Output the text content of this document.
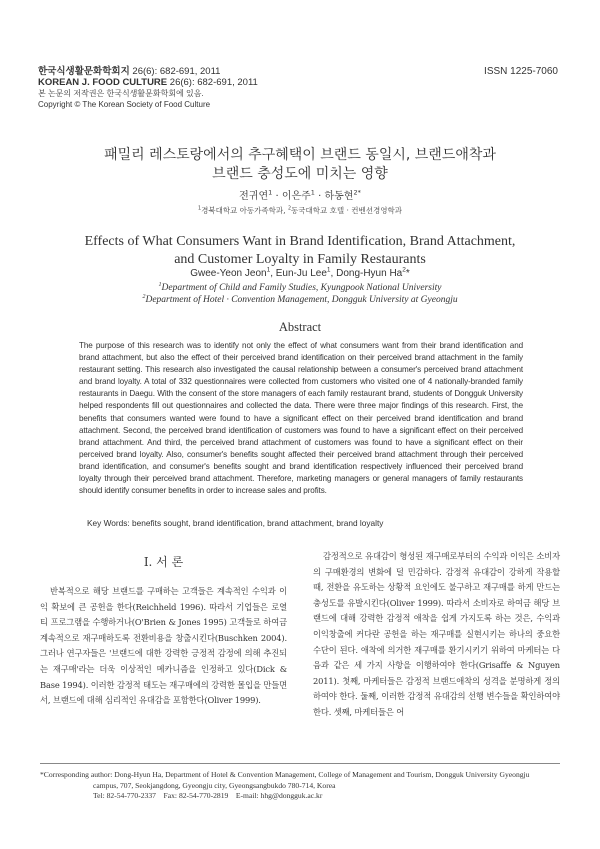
한국식생활문화학회지 26(6): 682-691, 2011
KOREAN J. FOOD CULTURE 26(6): 682-691, 2011
본 논문의 저작권은 한국식생활문화학회에 있음.
Copyright © The Korean Society of Food Culture
ISSN 1225-7060
패밀리 레스토랑에서의 추구혜택이 브랜드 동일시, 브랜드애착과
브랜드 충성도에 미치는 영향
전귀연$^1$ · 이은주$^1$ · 하동현$^{2*}$
$^1$경북대학교 아동가족학과, $^2$동국대학교 호텔 · 컨벤션경영학과
Effects of What Consumers Want in Brand Identification, Brand Attachment,
and Customer Loyalty in Family Restaurants
Gwee-Yeon Jeon$^1$, Eun-Ju Lee$^1$, Dong-Hyun Ha$^2$*
$^1$Department of Child and Family Studies, Kyungpook National University
$^2$Department of Hotel · Convention Management, Dongguk University at Gyeongju
Abstract
The purpose of this research was to identify not only the effect of what consumers want from their brand identification and brand attachment, but also the effect of their perceived brand identification on their perceived brand attachment in the family restaurant setting. This research also investigated the causal relationship between a consumer's perceived brand attachment and brand loyalty. A total of 332 questionnaires were collected from customers who visited one of 4 nationally-branded family restaurants in Daegu. With the consent of the store managers of each family restaurant brand, students of Dongguk University helped respondents fill out questionnaires and collected the data. There were three major findings of this research. First, the benefits that consumers wanted were found to have a significant effect on their perceived brand identification and brand attachment. Second, the perceived brand identification of customers was found to have a significant effect on their perceived brand attachment. And third, the perceived brand attachment of customers was found to have a significant effect on their perceived brand loyalty. Also, consumer's benefits sought affected their perceived brand attachment through their perceived brand identification, and consumer's benefits sought and brand identification respectively influenced their perceived brand loyalty through their perceived brand attachment. Therefore, marketing managers or general managers of family restaurants should identify consumer benefits in order to increase sales and profits.
Key Words: benefits sought, brand identification, brand attachment, brand loyalty
I. 서 론

반복적으로 해당 브랜드를 구매하는 고객들은 계속적인 수익과 이익 확보에 큰 공헌을 한다(Reichheld 1996). 따라서 기업들은 로열티 프로그램을 수행하거나(O'Brien & Jones 1995) 고객들로 하여금 계속적으로 재구매하도록 전환비용을 창출시킨다(Buschken 2004). 그러나 연구자들은 '브랜드에 대한 강력한 긍정적 감정에 의해 추진되는 재구매'라는 더욱 이상적인 메카니즘을 인정하고 있다(Dick & Base 1994). 이러한 감정적 태도는 재구매에의 강력한 몰입을 만들면서, 브랜드에 대해 심리적인 유대감을 포함한다(Oliver 1999).

감정적으로 유대감이 형성된 재구매로부터의 수익과 이익은 소비자의 구매환경의 변화에 덜 민감하다. 감정적 유대감이 강하게 작용할 때, 전환을 유도하는 상황적 요인에도 불구하고 재구매를 하게 만드는 충성도를 유발시킨다(Oliver 1999). 따라서 소비자로 하여금 해당 브랜드에 대해 강력한 감정적 애착을 쉽게 가지도록 하는 것은, 수익과 이익창출에 커다란 공헌을 하는 재구매를 실현시키는 하나의 중요한 수단이 된다. 애착에 의거한 재구매를 환기시키기 위하여 마케터는 다음과 같은 세 가지 사항을 이행하여야 한다(Grisaffe & Nguyen 2011). 첫째, 마케터들은 감정적 브랜드애착의 성격을 분명하게 정의하여야 한다. 둘째, 이러한 감정적 유대감의 선행 변수들을 확인하여야 한다. 셋째, 마케터들은 어

*Corresponding author: Dong-Hyun Ha, Department of Hotel & Convention Management, College of Management and Tourism, Dongguk University Gyeongju
campus, 707, Seokjangdong, Gyeongju city, Gyeongsangbukdo 780-714, Korea
Tel: 82-54-770-2337    Fax: 82-54-770-2819    E-mail: hhg@dongguk.ac.kr
